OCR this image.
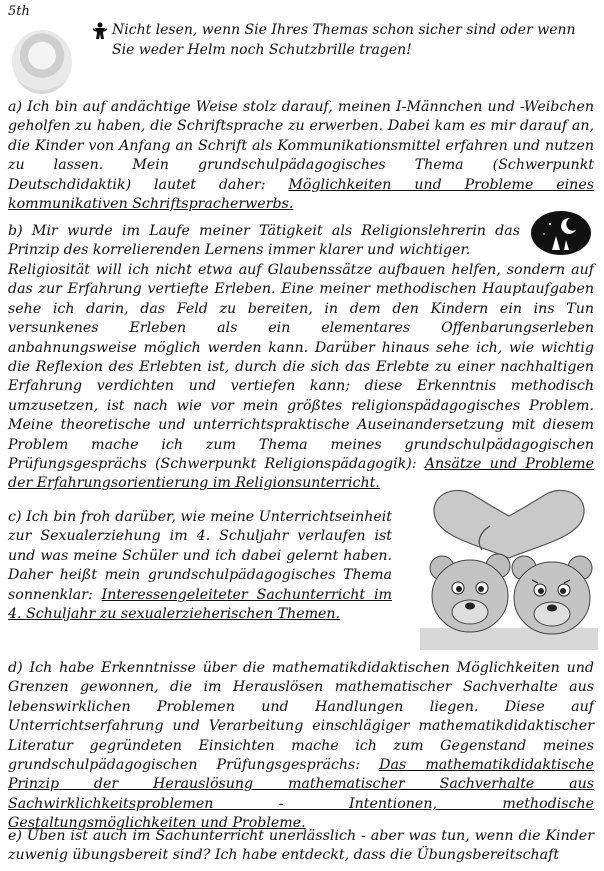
5th
Nicht lesen, wenn Sie Ihres Themas schon sicher sind oder wenn Sie weder Helm noch Schutzbrille tragen!
a) Ich bin auf andächtige Weise stolz darauf, meinen I-Männchen und -Weibchen geholfen zu haben, die Schriftsprache zu erwerben. Dabei kam es mir darauf an, die Kinder von Anfang an Schrift als Kommunikationsmittel erfahren und nutzen zu lassen. Mein grundschulpädagogisches Thema (Schwerpunkt Deutschdidaktik) lautet daher: Möglichkeiten und Probleme eines kommunikativen Schriftspracherwerbs.
b) Mir wurde im Laufe meiner Tätigkeit als Religionslehrerin das Prinzip des korrelierenden Lernens immer klarer und wichtiger.
Religiosität will ich nicht etwa auf Glaubenssätze aufbauen helfen, sondern auf das zur Erfahrung vertiefte Erleben. Eine meiner methodischen Hauptaufgaben sehe ich darin, das Feld zu bereiten, in dem den Kindern ein ins Tun versunkenes Erleben als ein elementares Offenbarungserleben anbahnungsweise möglich werden kann. Darüber hinaus sehe ich, wie wichtig die Reflexion des Erlebten ist, durch die sich das Erlebte zu einer nachhaltigen Erfahrung verdichten und vertiefen kann; diese Erkenntnis methodisch umzusetzen, ist nach wie vor mein größtes religionspädagogisches Problem. Meine theoretische und unterrichtspraktische Auseinandersetzung mit diesem Problem mache ich zum Thema meines grundschulpädagogischen Prüfungsgesprächs (Schwerpunkt Religionspädagogik): Ansätze und Probleme der Erfahrungsorientierung im Religionsunterricht.
c) Ich bin froh darüber, wie meine Unterrichtseinheit zur Sexualerziehung im 4. Schuljahr verlaufen ist und was meine Schüler und ich dabei gelernt haben. Daher heißt mein grundschulpädagogisches Thema sonnenklar: Interessengeleiteter Sachunterricht im 4. Schuljahr zu sexualerzieherischen Themen.
d) Ich habe Erkenntnisse über die mathematikdidaktischen Möglichkeiten und Grenzen gewonnen, die im Herauslösen mathematischer Sachverhalte aus lebenswirklichen Problemen und Handlungen liegen. Diese auf Unterrichtserfahrung und Verarbeitung einschlägiger mathematikdidaktischer Literatur gegründeten Einsichten mache ich zum Gegenstand meines grundschulpädagogischen Prüfungsgesprächs: Das mathematikdidaktische Prinzip der Herauslösung mathematischer Sachverhalte aus Sachwirklichkeitsproblemen - Intentionen, methodische Gestaltungsmöglichkeiten und Probleme.
e) Üben ist auch im Sachunterricht unerlässlich - aber was tun, wenn die Kinder zuwenig übungsbereit sind? Ich habe entdeckt, dass die Übungsbereitschaft
